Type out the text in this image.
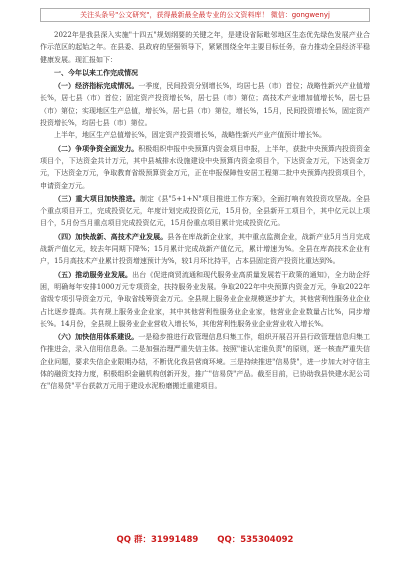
关注头条号"公文研究"，获得最新最全最专业的公文资料库！ 微信：gongwenyj

2022年是我县深入实施"十四五"规划纲要的关键之年，是建设省际毗邻地区生态优先绿色发展产业合作示范区的起始之年。在县委、县政府的坚强领导下，紧紧围绕全年主要目标任务，奋力推动全县经济平稳健康发展。现汇报如下：

一、今年以来工作完成情况

（一）经济指标完成情况。一季度，民间投资分别增长%，均居七县（市）首位；战略性新兴产业值增长%，居七县（市）首位；固定资产投资增长%，居七县（市）第位；高技术产业增加值增长%，居七县（市）第位；实现地区生产总值，增长%，居七县（市）第位，增长%，15月，民间投资增长%，固定资产投资增长%，均居七县（市）第位。

上半年，地区生产总值增长%，固定资产投资增长%，战略性新兴产业产值预计增长%。

（二）争项争资全面发力。积极组织申报中央预算内资金项目申报，上半年，获批中央预算内投资资金项目个，下达资金共计万元，其中县城排水设施建设中央预算内资金项目个，下达资金万元，下达资金万元，下达资金万元，争取教育省级预算资金万元，正在申报保障性安居工程第二批中央预算内投资项目个，申请资金万元。

（三）重大项目加快推进。制定《县"5+1+N"项目推进工作方案》，全面打响有效投资攻坚战。全县个重点项目开工，完成投资亿元，年度计划完成投资亿元，15月份，全县新开工项目个，其中亿元以上项目个，5月份当月重点项目完成投资亿元，15月份重点项目累计完成投资亿元。

（四）加快战新、高技术产业发展。县各在库战新企业家，其中重点监测企业，战新产业5月当月完成战新产值亿元，较去年同期下降%；15月累计完成战新产值亿元，累计增速为%。全县在库高技术企业有户，15月高技术产业累计投资增速预计为%，较1月环比持平，占本县固定资产投资比重达到%。

（五）推动服务业发展。出台《促进商贸流通和现代服务业高质量发展若干政策的通知》，全力助企纾困，明确每年安排1000万元专项资金，扶持服务业发展。争取2022年中央预算内资金万元，争取2022年省级专项引导资金万元，争取省线筹资金万元。全县规上服务业企业规模逐步扩大，其他营利性服务业企业占比逐步提高。共有规上服务业企业家，其中其他营利性服务业企业家，他营业企业数量占比%，同步增长%。14月份，全县规上服务业企业营收入增长%，其他营利性服务业企业营业收入增长%。

（六）加快信用体系建设。一是稳步推进行政管理信息归集工作，组织开展召开县行政管理信息归集工作推进会，录入信用信息条。二是加强治理严重失信主体。按照"谁认定谁负责"的原则，逐一核查严重失信企业问题，要求失信企业限期办结，不断优化我县营商环境。三是持续推进"信易贷"，进一步加大对守信主体的融资支持力度，积极组织金融机构创新开发，推广"信易贷"产品。截至目前，已协助我县快建水泥公司在"信易贷"平台获款万元用于建设水泥粉磨搬迁重建项目。

QQ 群：31991489 QQ：535304092
